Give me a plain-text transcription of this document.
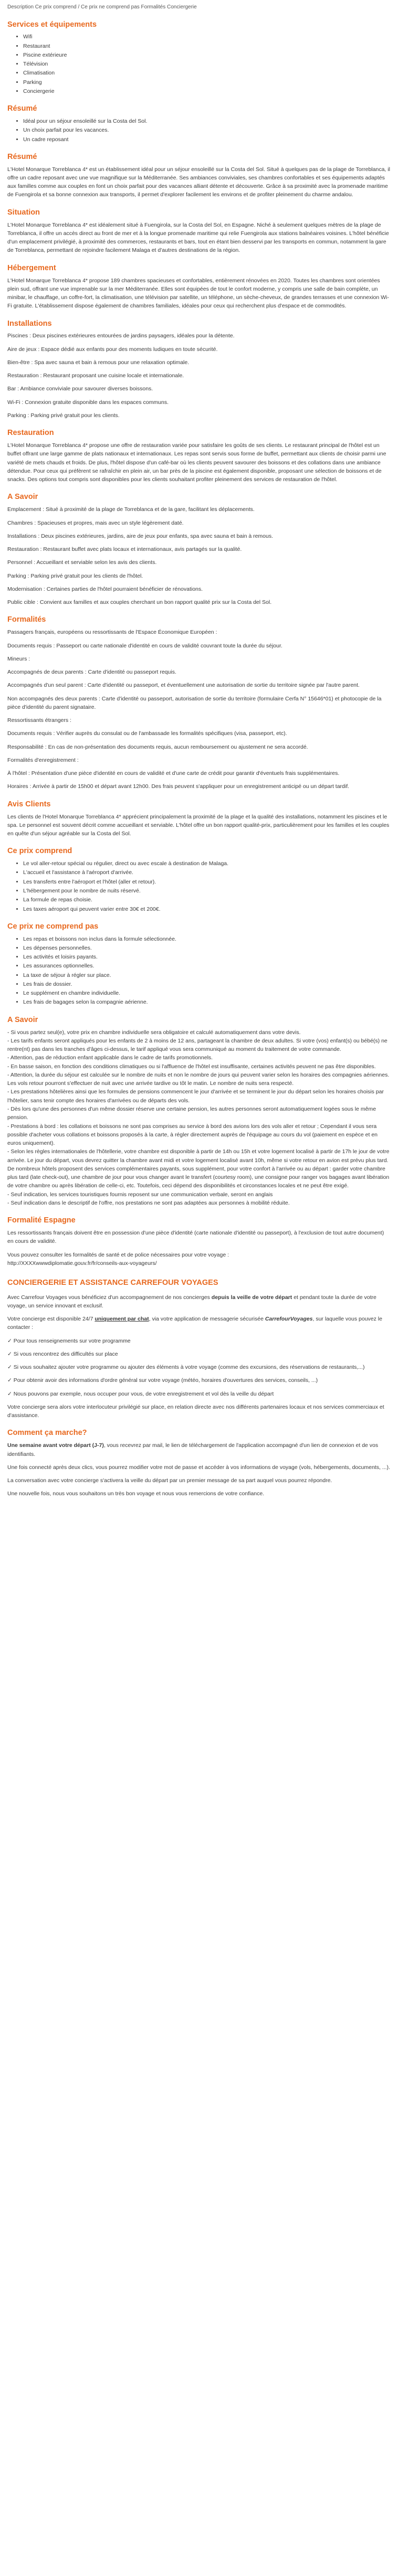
Description Ce prix comprend / Ce prix ne comprend pas Formalités Conciergerie
Services et équipements
• Wifi
• Restaurant
• Piscine extérieure
• Télévision
• Climatisation
• Parking
• Conciergerie
Résumé
• Idéal pour un séjour ensoleillé sur la Costa del Sol.
• Un choix parfait pour les vacances.
• Un cadre reposant
Résumé

L'Hotel Monarque Torreblanca 4* est un établissement idéal pour un séjour ensoleillé sur la Costa del Sol. Situé à quelques pas de la plage de Torreblanca, il offre un cadre reposant avec une vue magnifique sur la Méditerranée. Ses ambiances conviviales, ses chambres confortables et ses équipements adaptés aux familles comme aux couples en font un choix parfait pour des vacances alliant détente et découverte. Grâce à sa proximité avec la promenade maritime de Fuengirola et sa bonne connexion aux transports, il permet d'explorer facilement les environs et de profiter pleinement du charme andalou.

Situation

L'Hotel Monarque Torreblanca 4* est idéalement situé à Fuengirola, sur la Costa del Sol, en Espagne. Niché à seulement quelques mètres de la plage de Torreblanca, il offre un accès direct au front de mer et à la longue promenade maritime qui relie Fuengirola aux stations balnéaires voisines. L'hôtel bénéficie d'un emplacement privilégié, à proximité des commerces, restaurants et bars, tout en étant bien desservi par les transports en commun, notamment la gare de Torreblanca, permettant de rejoindre facilement Malaga et d'autres destinations de la région.

Hébergement

L'Hotel Monarque Torreblanca 4* propose 189 chambres spacieuses et confortables, entièrement rénovées en 2020. Toutes les chambres sont orientées plein sud, offrant une vue imprenable sur la mer Méditerranée. Elles sont équipées de tout le confort moderne, y compris une salle de bain complète, un minibar, le chauffage, un coffre-fort, la climatisation, une télévision par satellite, un téléphone, un sèche-cheveux, de grandes terrasses et une connexion Wi-Fi gratuite. L'établissement dispose également de chambres familiales, idéales pour ceux qui recherchent plus d'espace et de commodités.

Installations

Piscines : Deux piscines extérieures entourées de jardins paysagers, idéales pour la détente.

Aire de jeux : Espace dédié aux enfants pour des moments ludiques en toute sécurité.

Bien-être : Spa avec sauna et bain à remous pour une relaxation optimale.

Restauration : Restaurant proposant une cuisine locale et internationale.

Bar : Ambiance conviviale pour savourer diverses boissons.

Wi-Fi : Connexion gratuite disponible dans les espaces communs.

Parking : Parking privé gratuit pour les clients.

Restauration

L'Hotel Monarque Torreblanca 4* propose une offre de restauration variée pour satisfaire les goûts de ses clients. Le restaurant principal de l'hôtel est un buffet offrant une large gamme de plats nationaux et internationaux. Les repas sont servis sous forme de buffet, permettant aux clients de choisir parmi une variété de mets chauds et froids. De plus, l'hôtel dispose d'un café-bar où les clients peuvent savourer des boissons et des collations dans une ambiance détendue. Pour ceux qui préfèrent se rafraîchir en plein air, un bar près de la piscine est également disponible, proposant une sélection de boissons et de snacks. Des options tout compris sont disponibles pour les clients souhaitant profiter pleinement des services de restauration de l'hôtel.

A Savoir

Emplacement : Situé à proximité de la plage de Torreblanca et de la gare, facilitant les déplacements.

Chambres : Spacieuses et propres, mais avec un style légèrement daté.

Installations : Deux piscines extérieures, jardins, aire de jeux pour enfants, spa avec sauna et bain à remous.

Restauration : Restaurant buffet avec plats locaux et internationaux, avis partagés sur la qualité.

Personnel : Accueillant et serviable selon les avis des clients.

Parking : Parking privé gratuit pour les clients de l'hôtel.

Modernisation : Certaines parties de l'hôtel pourraient bénéficier de rénovations.

Public cible : Convient aux familles et aux couples cherchant un bon rapport qualité prix sur la Costa del Sol.

Formalités

Passagers français, européens ou ressortissants de l'Espace Économique Européen :

Documents requis : Passeport ou carte nationale d'identité en cours de validité couvrant toute la durée du séjour.

Mineurs :

Accompagnés de deux parents : Carte d'identité ou passeport requis.

Accompagnés d'un seul parent : Carte d'identité ou passeport, et éventuellement une autorisation de sortie du territoire signée par l'autre parent.

Non accompagnés des deux parents : Carte d'identité ou passeport, autorisation de sortie du territoire (formulaire Cerfa N° 15646*01) et photocopie de la pièce d'identité du parent signataire.

Ressortissants étrangers :

Documents requis : Vérifier auprès du consulat ou de l'ambassade les formalités spécifiques (visa, passeport, etc).

Responsabilité : En cas de non-présentation des documents requis, aucun remboursement ou ajustement ne sera accordé.

Formalités d'enregistrement :

À l'hôtel : Présentation d'une pièce d'identité en cours de validité et d'une carte de crédit pour garantir d'éventuels frais supplémentaires.

Horaires : Arrivée à partir de 15h00 et départ avant 12h00. Des frais peuvent s'appliquer pour un enregistrement anticipé ou un départ tardif.

Avis Clients

Les clients de l'Hotel Monarque Torreblanca 4* apprécient principalement la proximité de la plage et la qualité des installations, notamment les piscines et le spa. Le personnel est souvent décrit comme accueillant et serviable. L'hôtel offre un bon rapport qualité-prix, particulièrement pour les familles et les couples en quête d'un séjour agréable sur la Costa del Sol.

Ce prix comprend
• Le vol aller-retour spécial ou régulier, direct ou avec escale à destination de Malaga.
• L'accueil et l'assistance à l'aéroport d'arrivée.
• Les transferts entre l'aéroport et l'hôtel (aller et retour).
• L'hébergement pour le nombre de nuits réservé.
• La formule de repas choisie.
• Les taxes aéroport qui peuvent varier entre 30€ et 200€.
Ce prix ne comprend pas
• Les repas et boissons non inclus dans la formule sélectionnée.
• Les dépenses personnelles.
• Les activités et loisirs payants.
• Les assurances optionnelles.
• La taxe de séjour à régler sur place.
• Les frais de dossier.
• Le supplément en chambre individuelle.
• Les frais de bagages selon la compagnie aérienne.
A Savoir
- Si vous partez seul(e), votre prix en chambre individuelle sera obligatoire et calculé automatiquement dans votre devis.
- Les tarifs enfants seront appliqués pour les enfants de 2 à moins de 12 ans, partageant la chambre de deux adultes. Si votre (vos) enfant(s) ou bébé(s) ne rentre(nt) pas dans les tranches d'âges ci-dessus, le tarif appliqué vous sera communiqué au moment du traitement de votre commande.
- Attention, pas de réduction enfant applicable dans le cadre de tarifs promotionnels.
- En basse saison, en fonction des conditions climatiques ou si l'affluence de l'hôtel est insuffisante, certaines activités peuvent ne pas être disponibles.
- Attention, la durée du séjour est calculée sur le nombre de nuits et non le nombre de jours qui peuvent varier selon les horaires des compagnies aériennes. Les vols retour pourront s'effectuer de nuit avec une arrivée tardive ou tôt le matin. Le nombre de nuits sera respecté.
- Les prestations hôtelières ainsi que les formules de pensions commencent le jour d'arrivée et se terminent le jour du départ selon les horaires choisis par l'hôtelier, sans tenir compte des horaires d'arrivées ou de départs des vols.
- Dès lors qu'une des personnes d'un même dossier réserve une certaine pension, les autres personnes seront automatiquement logées sous le même pension.
- Prestations à bord : les collations et boissons ne sont pas comprises au service à bord des avions lors des vols aller et retour ; Cependant il vous sera possible d'acheter vous collations et boissons proposés à la carte, à régler directement auprès de l'équipage au cours du vol (paiement en espèce et en euros uniquement).
- Selon les règles internationales de l'hôtellerie, votre chambre est disponible à partir de 14h ou 15h et votre logement localisé à partir de 17h le jour de votre arrivée. Le jour du départ, vous devrez quitter la chambre avant midi et votre logement localisé avant 10h, même si votre retour en avion est prévu plus tard. De nombreux hôtels proposent des services complémentaires payants, sous supplément, pour votre confort à l'arrivée ou au départ : garder votre chambre plus tard (late check-out), une chambre de jour pour vous changer avant le transfert (courtesy room), une consigne pour ranger vos bagages avant libération de votre chambre ou après libération de celle-ci, etc. Toutefois, ceci dépend des disponibilités et circonstances locales et ne peut être exigé.
- Seuf indication, les services touristiques fournis reposent sur une communication verbale, seront en anglais
- Seuf indication dans le descriptif de l'offre, nos prestations ne sont pas adaptées aux personnes à mobilité réduite.
Formalité Espagne

Les ressortissants français doivent être en possession d'une pièce d'identité (carte nationale d'identité ou passeport), à l'exclusion de tout autre document) en cours de validité.

Vous pouvez consulter les formalités de santé et de police nécessaires pour votre voyage :

http://XXXXwwwdiplomatie.gouv.fr/fr/conseils-aux-voyageurs/

CONCIERGERIE ET ASSISTANCE CARREFOUR VOYAGES

Avec Carrefour Voyages vous bénéficiez d'un accompagnement de nos concierges depuis la veille de votre départ et pendant toute la durée de votre voyage, un service innovant et exclusif.

Votre concierge est disponible 24/7 uniquement par chat, via votre application de messagerie sécurisée CarrefourVoyages, sur laquelle vous pouvez le contacter :

✓ Pour tous renseignements sur votre programme

✓ Si vous rencontrez des difficultés sur place

✓ Si vous souhaitez ajouter votre programme ou ajouter des éléments à votre voyage (comme des excursions, des réservations de restaurants,...)

✓ Pour obtenir avoir des informations d'ordre général sur votre voyage (météo, horaires d'ouvertures des services, conseils, ...)

✓ Nous pouvons par exemple, nous occuper pour vous, de votre enregistrement et vol dès la veille du départ

Votre concierge sera alors votre interlocuteur privilégié sur place, en relation directe avec nos différents partenaires locaux et nos services commerciaux et d'assistance.

Comment ça marche?

Une semaine avant votre départ (J-7), vous recevrez par mail, le lien de téléchargement de l'application accompagné d'un lien de connexion et de vos identifiants.

Une fois connecté après deux clics, vous pourrez modifier votre mot de passe et accéder à vos informations de voyage (vols, hébergements, documents, ...).

La conversation avec votre concierge s'activera la veille du départ par un premier message de sa part auquel vous pourrez répondre.

Une nouvelle fois, nous vous souhaitons un très bon voyage et nous vous remercions de votre confiance.
